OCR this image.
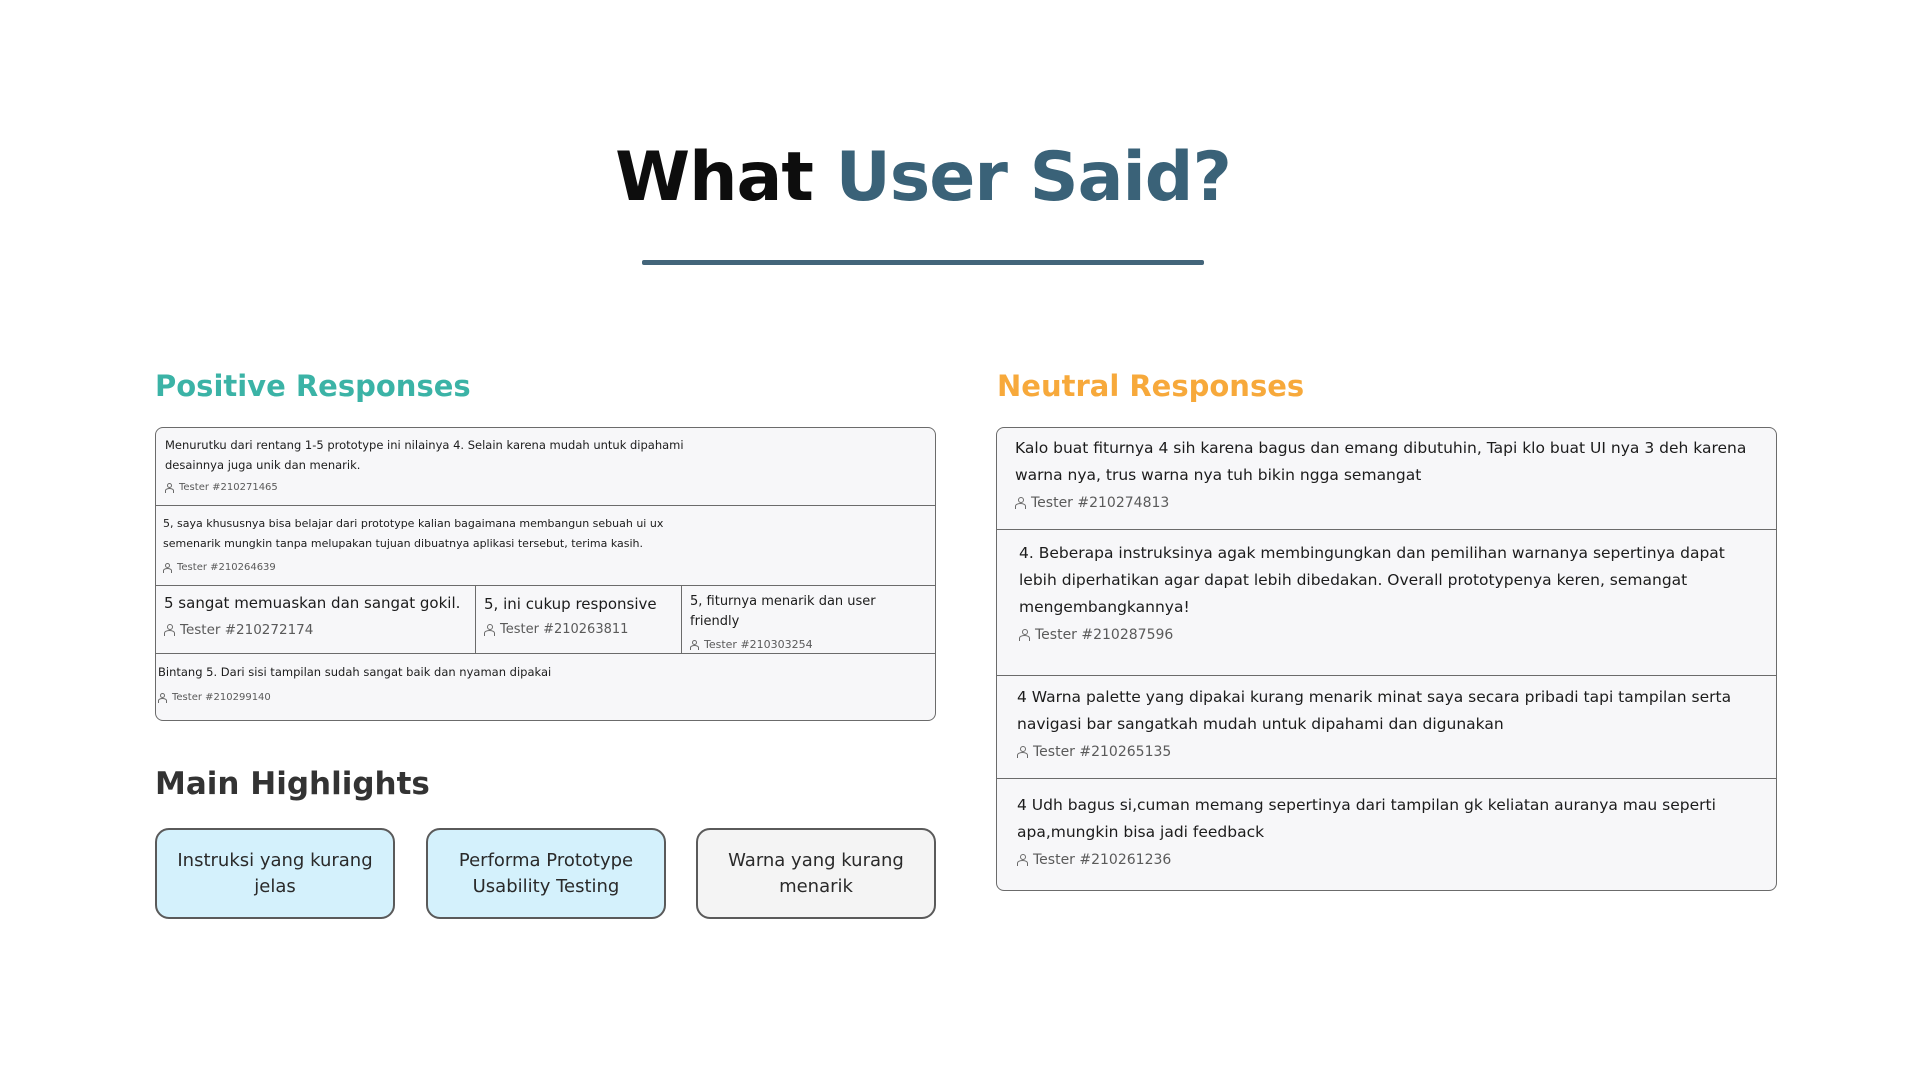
What User Said?
Positive Responses
Menurutku dari rentang 1-5 prototype ini nilainya 4. Selain karena mudah untuk dipahami desainnya juga unik dan menarik.
Tester #210271465
5, saya khususnya bisa belajar dari prototype kalian bagaimana membangun sebuah ui ux semenarik mungkin tanpa melupakan tujuan dibuatnya aplikasi tersebut, terima kasih.
Tester #210264639
5 sangat memuaskan dan sangat gokil.
Tester #210272174
5, ini cukup responsive
Tester #210263811
5, fiturnya menarik dan user friendly
Tester #210303254
Bintang 5. Dari sisi tampilan sudah sangat baik dan nyaman dipakai
Tester #210299140
Main Highlights
Instruksi yang kurang jelas
Performa Prototype Usability Testing
Warna yang kurang menarik
Neutral Responses
Kalo buat fiturnya 4 sih karena bagus dan emang dibutuhin, Tapi klo buat UI nya 3 deh karena warna nya, trus warna nya tuh bikin ngga semangat
Tester #210274813
4. Beberapa instruksinya agak membingungkan dan pemilihan warnanya sepertinya dapat lebih diperhatikan agar dapat lebih dibedakan. Overall prototypenya keren, semangat mengembangkannya!
Tester #210287596
4 Warna palette yang dipakai kurang menarik minat saya secara pribadi tapi tampilan serta navigasi bar sangatkah mudah untuk dipahami dan digunakan
Tester #210265135
4 Udh bagus si,cuman memang sepertinya dari tampilan gk keliatan auranya mau seperti apa,mungkin bisa jadi feedback
Tester #210261236
